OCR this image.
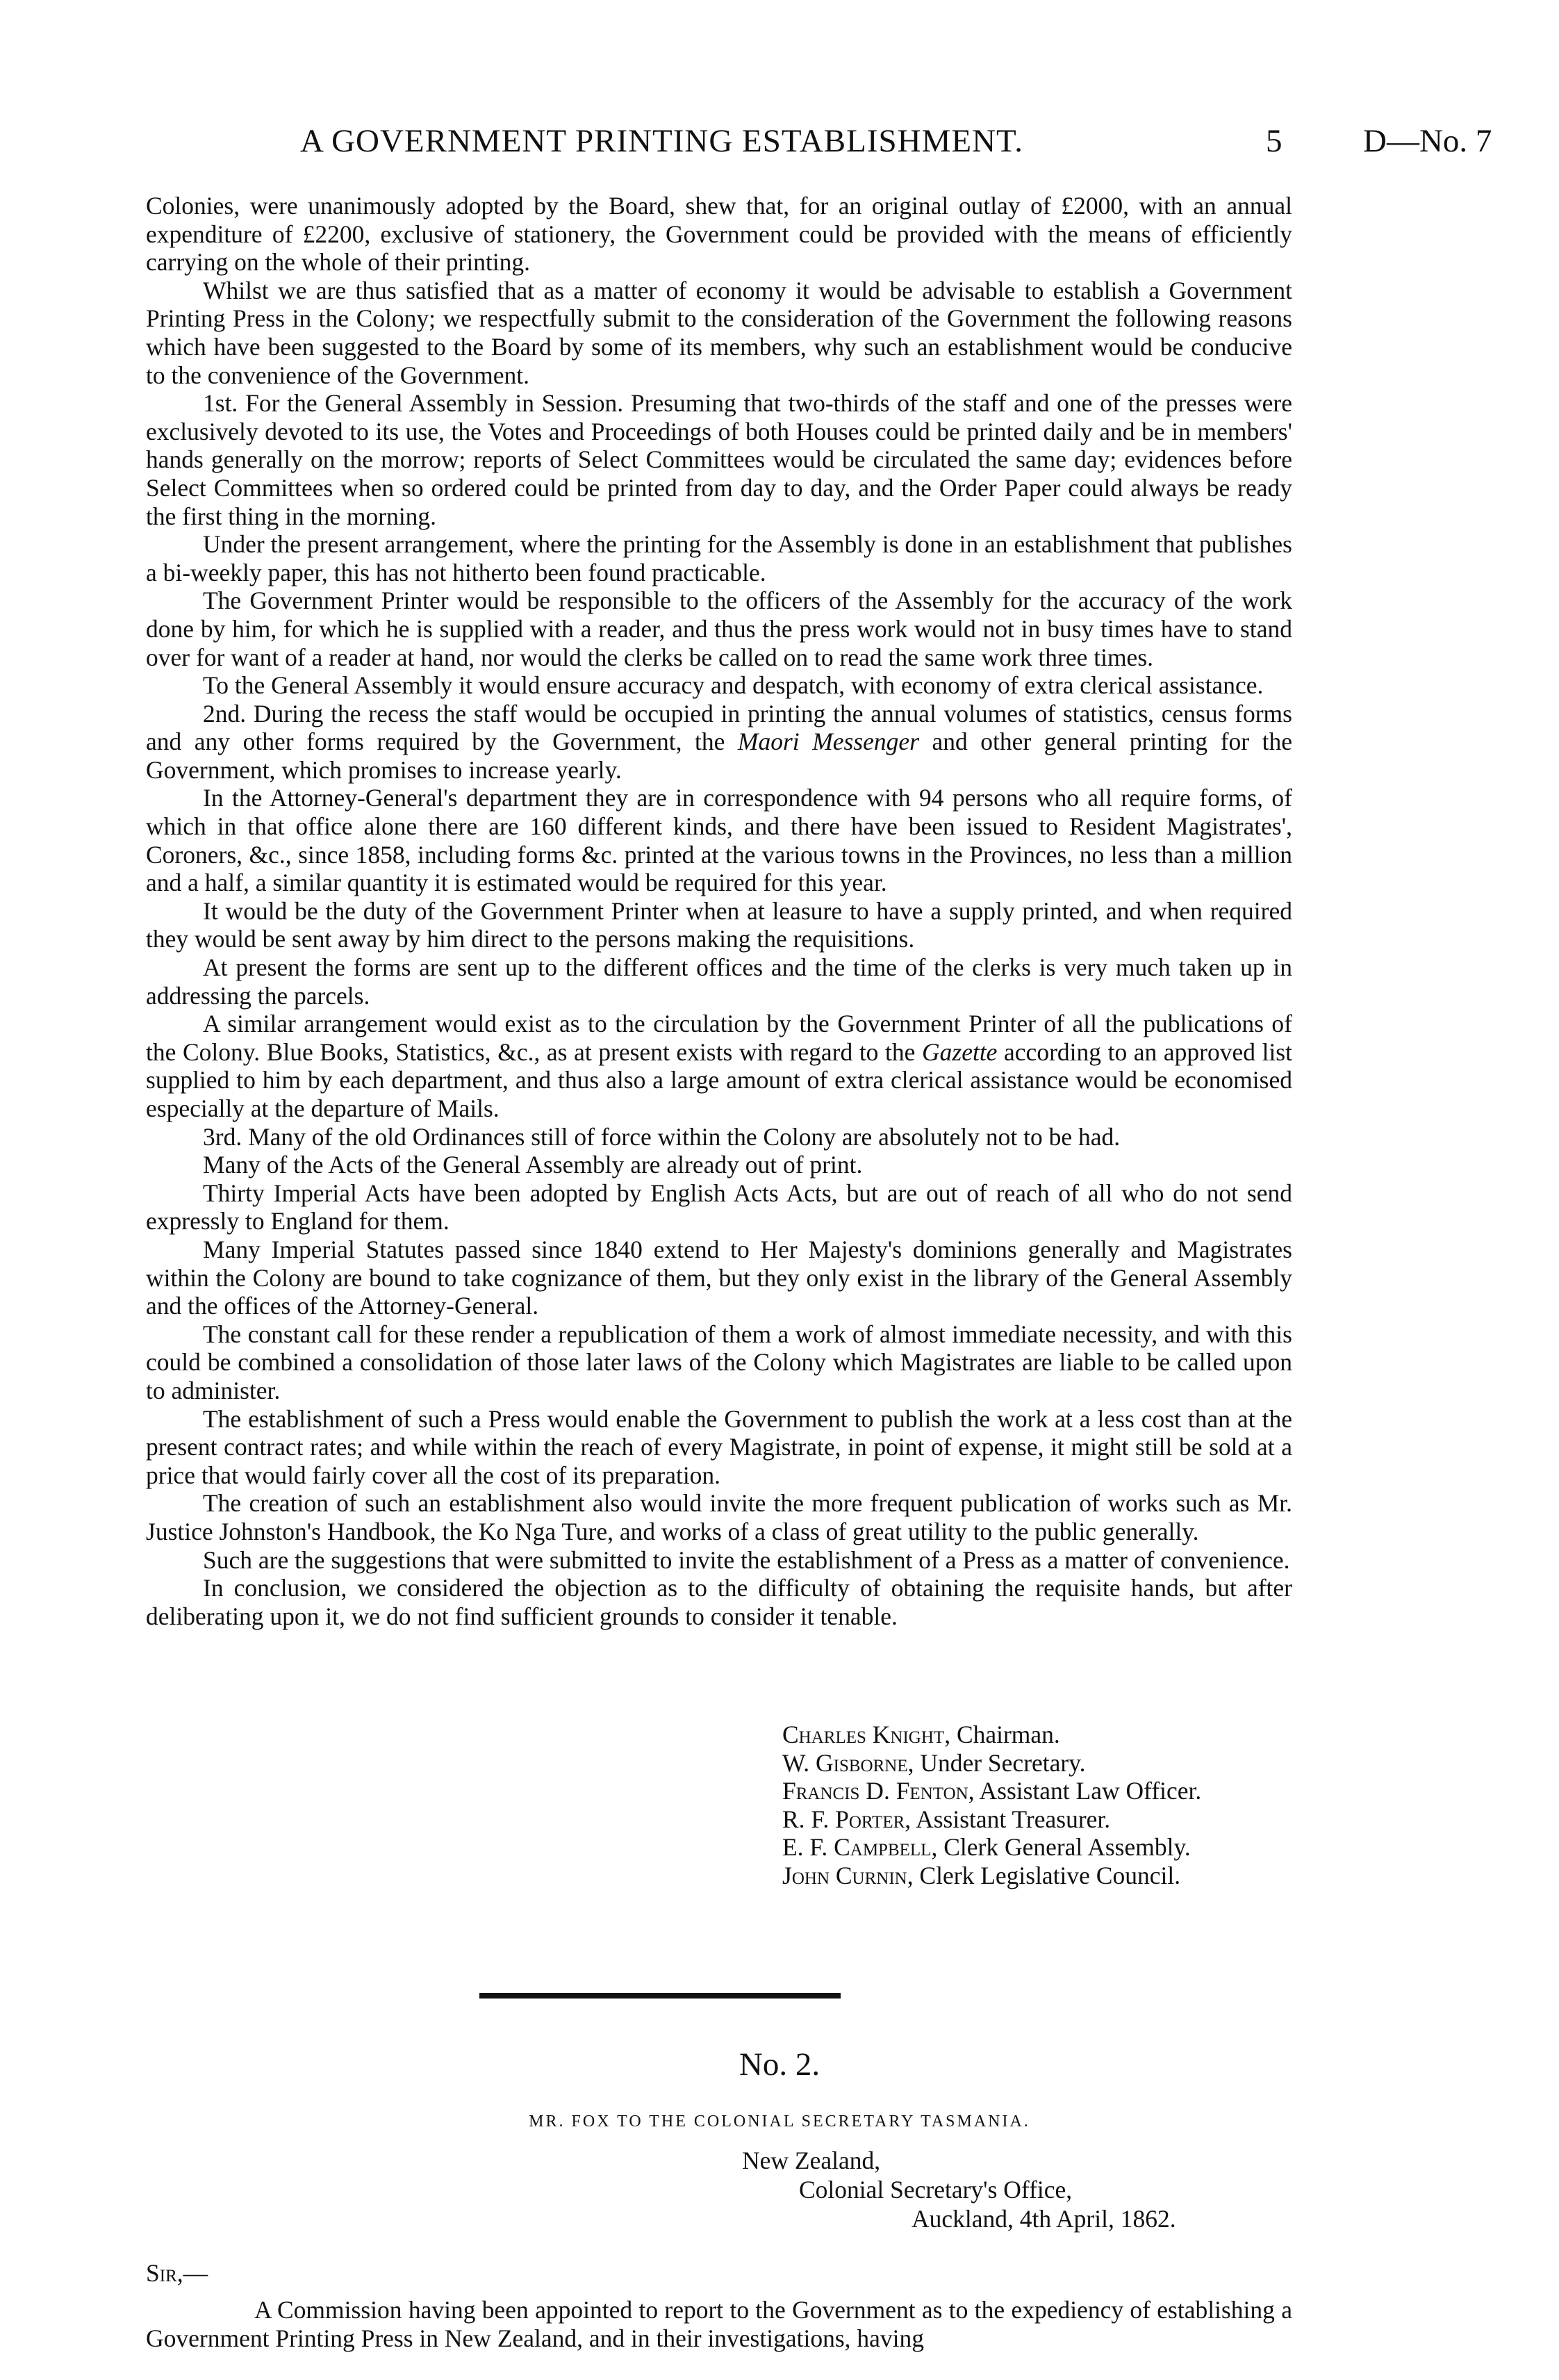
A GOVERNMENT PRINTING ESTABLISHMENT.	5 D—No. 7

Colonies, were unanimously adopted by the Board, shew that, for an original outlay of £2000, with an annual expenditure of £2200, exclusive of stationery, the Government could be provided with the means of efficiently carrying on the whole of their printing.

Whilst we are thus satisfied that as a matter of economy it would be advisable to establish a Government Printing Press in the Colony; we respectfully submit to the consideration of the Government the following reasons which have been suggested to the Board by some of its members, why such an establishment would be conducive to the convenience of the Government.

1st. For the General Assembly in Session. Presuming that two-thirds of the staff and one of the presses were exclusively devoted to its use, the Votes and Proceedings of both Houses could be printed daily and be in members' hands generally on the morrow; reports of Select Committees would be circulated the same day; evidences before Select Committees when so ordered could be printed from day to day, and the Order Paper could always be ready the first thing in the morning.

Under the present arrangement, where the printing for the Assembly is done in an establishment that publishes a bi-weekly paper, this has not hitherto been found practicable.

The Government Printer would be responsible to the officers of the Assembly for the accuracy of the work done by him, for which he is supplied with a reader, and thus the press work would not in busy times have to stand over for want of a reader at hand, nor would the clerks be called on to read the same work three times.

To the General Assembly it would ensure accuracy and despatch, with economy of extra clerical assistance.

2nd. During the recess the staff would be occupied in printing the annual volumes of statistics, census forms and any other forms required by the Government, the Maori Messenger and other general printing for the Government, which promises to increase yearly.

In the Attorney-General's department they are in correspondence with 94 persons who all require forms, of which in that office alone there are 160 different kinds, and there have been issued to Resident Magistrates', Coroners, &c., since 1858, including forms &c. printed at the various towns in the Provinces, no less than a million and a half, a similar quantity it is estimated would be required for this year.

It would be the duty of the Government Printer when at leasure to have a supply printed, and when required they would be sent away by him direct to the persons making the requisitions.

At present the forms are sent up to the different offices and the time of the clerks is very much taken up in addressing the parcels.

A similar arrangement would exist as to the circulation by the Government Printer of all the publications of the Colony. Blue Books, Statistics, &c., as at present exists with regard to the Gazette according to an approved list supplied to him by each department, and thus also a large amount of extra clerical assistance would be economised especially at the departure of Mails.

3rd. Many of the old Ordinances still of force within the Colony are absolutely not to be had.

Many of the Acts of the General Assembly are already out of print.

Thirty Imperial Acts have been adopted by English Acts Acts, but are out of reach of all who do not send expressly to England for them.

Many Imperial Statutes passed since 1840 extend to Her Majesty's dominions generally and Magistrates within the Colony are bound to take cognizance of them, but they only exist in the library of the General Assembly and the offices of the Attorney-General.

The constant call for these render a republication of them a work of almost immediate necessity, and with this could be combined a consolidation of those later laws of the Colony which Magistrates are liable to be called upon to administer.

The establishment of such a Press would enable the Government to publish the work at a less cost than at the present contract rates; and while within the reach of every Magistrate, in point of expense, it might still be sold at a price that would fairly cover all the cost of its preparation.

The creation of such an establishment also would invite the more frequent publication of works such as Mr. Justice Johnston's Handbook, the Ko Nga Ture, and works of a class of great utility to the public generally.

Such are the suggestions that were submitted to invite the establishment of a Press as a matter of convenience.

In conclusion, we considered the objection as to the difficulty of obtaining the requisite hands, but after deliberating upon it, we do not find sufficient grounds to consider it tenable.

Charles Knight, Chairman.
W. Gisborne, Under Secretary.
Francis D. Fenton, Assistant Law Officer.
R. F. Porter, Assistant Treasurer.
E. F. Campbell, Clerk General Assembly.
John Curnin, Clerk Legislative Council.
No. 2.
MR. FOX TO THE COLONIAL SECRETARY TASMANIA.
New Zealand,
Colonial Secretary's Office,
Auckland, 4th April, 1862.
Sir,—

A Commission having been appointed to report to the Government as to the expediency of establishing a Government Printing Press in New Zealand, and in their investigations, having
